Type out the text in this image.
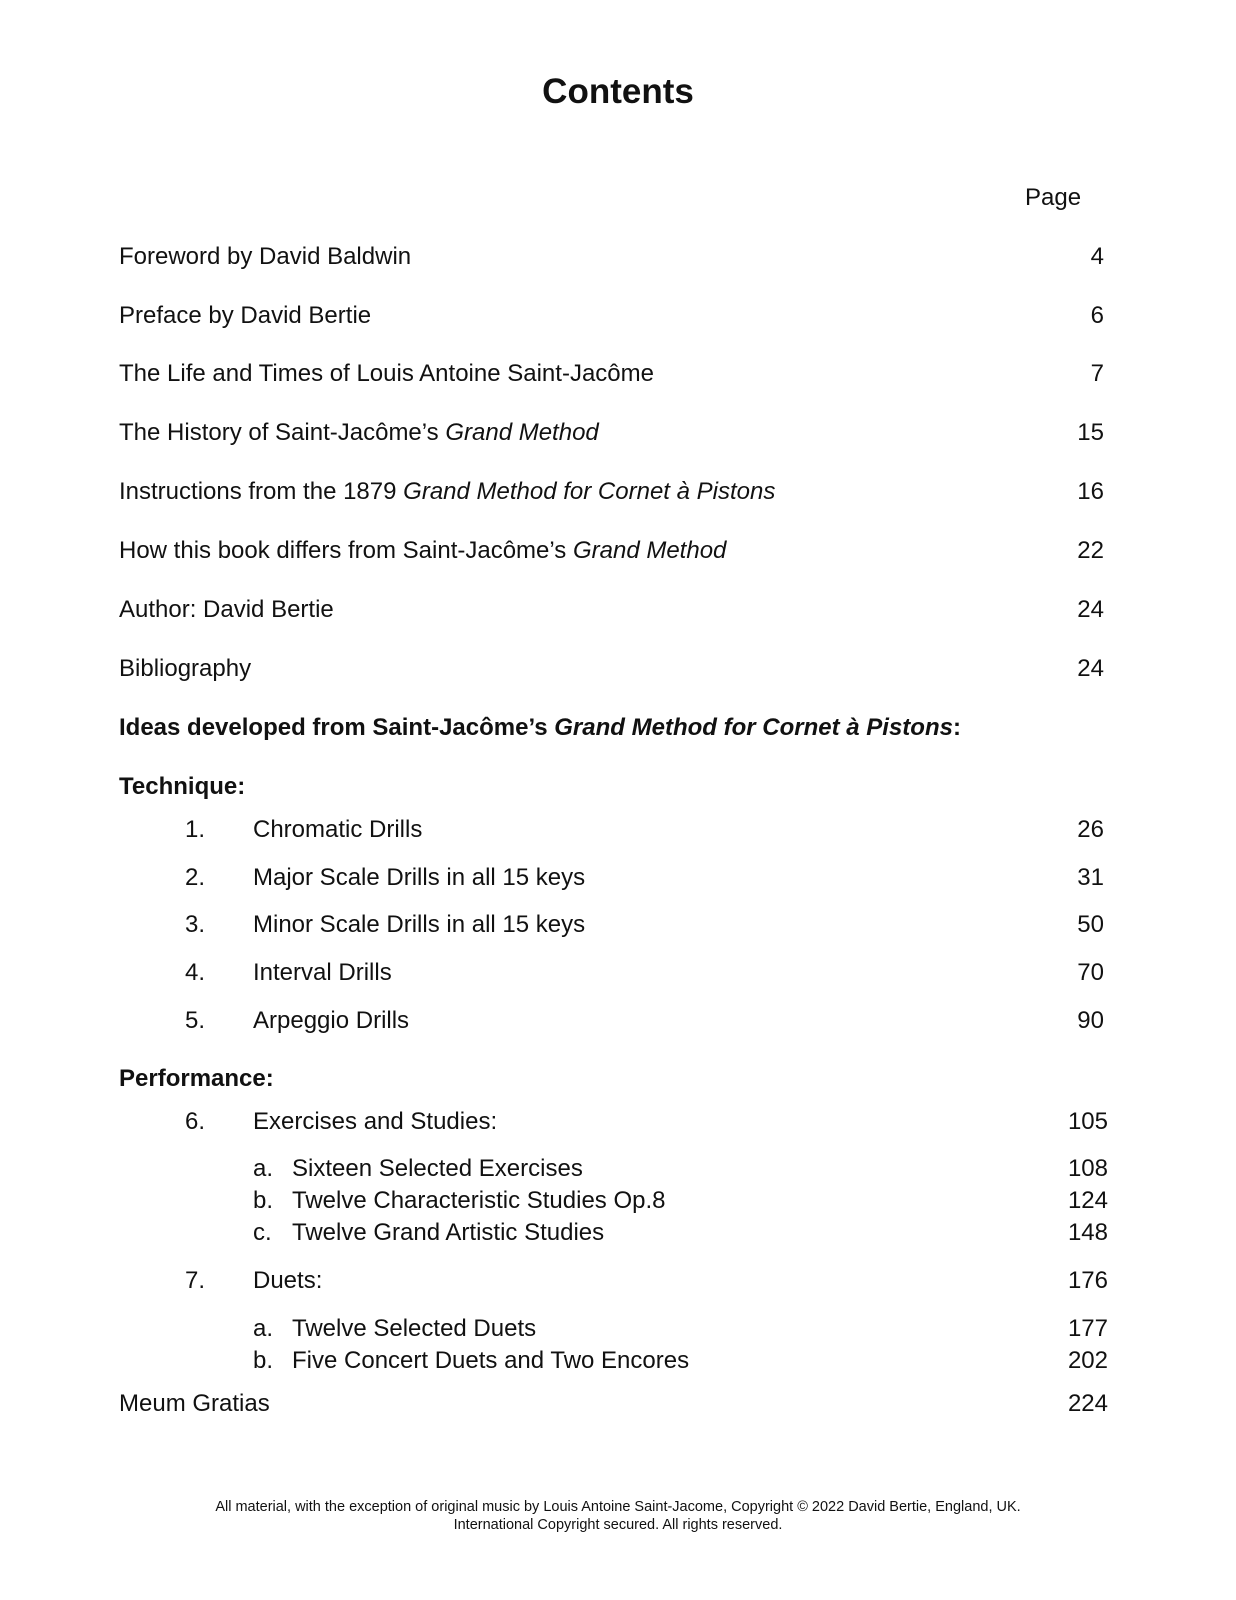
Contents
Page
Foreword by David Baldwin	4
Preface by David Bertie	6
The Life and Times of Louis Antoine Saint-Jacôme	7
The History of Saint-Jacôme’s Grand Method	15
Instructions from the 1879 Grand Method for Cornet à Pistons	16
How this book differs from Saint-Jacôme’s Grand Method	22
Author: David Bertie	24
Bibliography	24
Ideas developed from Saint-Jacôme’s Grand Method for Cornet à Pistons:
Technique:
1. Chromatic Drills	26
2. Major Scale Drills in all 15 keys	31
3. Minor Scale Drills in all 15 keys	50
4. Interval Drills	70
5. Arpeggio Drills	90
Performance:
6. Exercises and Studies:	105
a. Sixteen Selected Exercises	108
b. Twelve Characteristic Studies Op.8	124
c. Twelve Grand Artistic Studies	148
7. Duets:	176
a. Twelve Selected Duets	177
b. Five Concert Duets and Two Encores	202
Meum Gratias	224
All material, with the exception of original music by Louis Antoine Saint-Jacome, Copyright © 2022 David Bertie, England, UK.
International Copyright secured. All rights reserved.
